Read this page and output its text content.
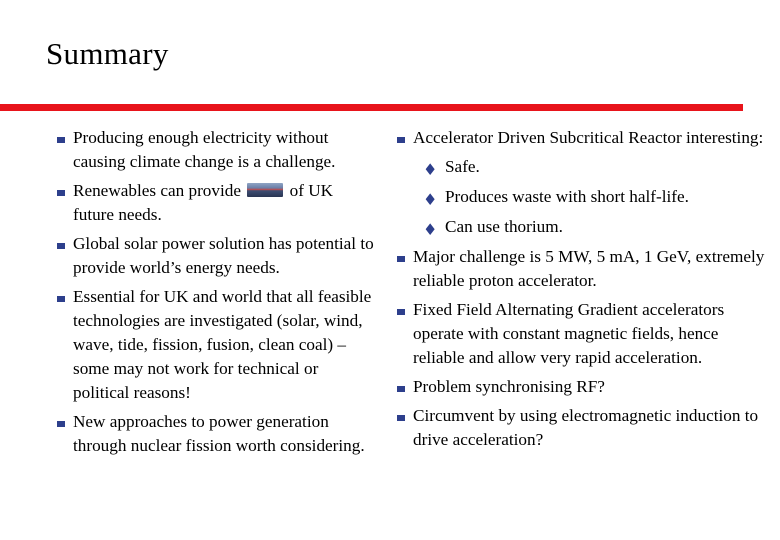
Summary
Producing enough electricity without causing climate change is a challenge.
Renewables can provide	of UK future needs.
Global solar power solution has potential to provide world’s energy needs.
Essential for UK and world that all feasible technologies are investigated (solar, wind, wave, tide, fission, fusion, clean coal) – some may not work for technical or political reasons!
New approaches to power generation through nuclear fission worth considering.
Accelerator Driven Subcritical Reactor interesting:
♦ Safe.
♦ Produces waste with short half-life.
♦ Can use thorium.
Major challenge is 5 MW, 5 mA, 1 GeV, extremely reliable proton accelerator.
Fixed Field Alternating Gradient accelerators operate with constant magnetic fields, hence reliable and allow very rapid acceleration.
Problem synchronising RF?
Circumvent by using electromagnetic induction to drive acceleration?
